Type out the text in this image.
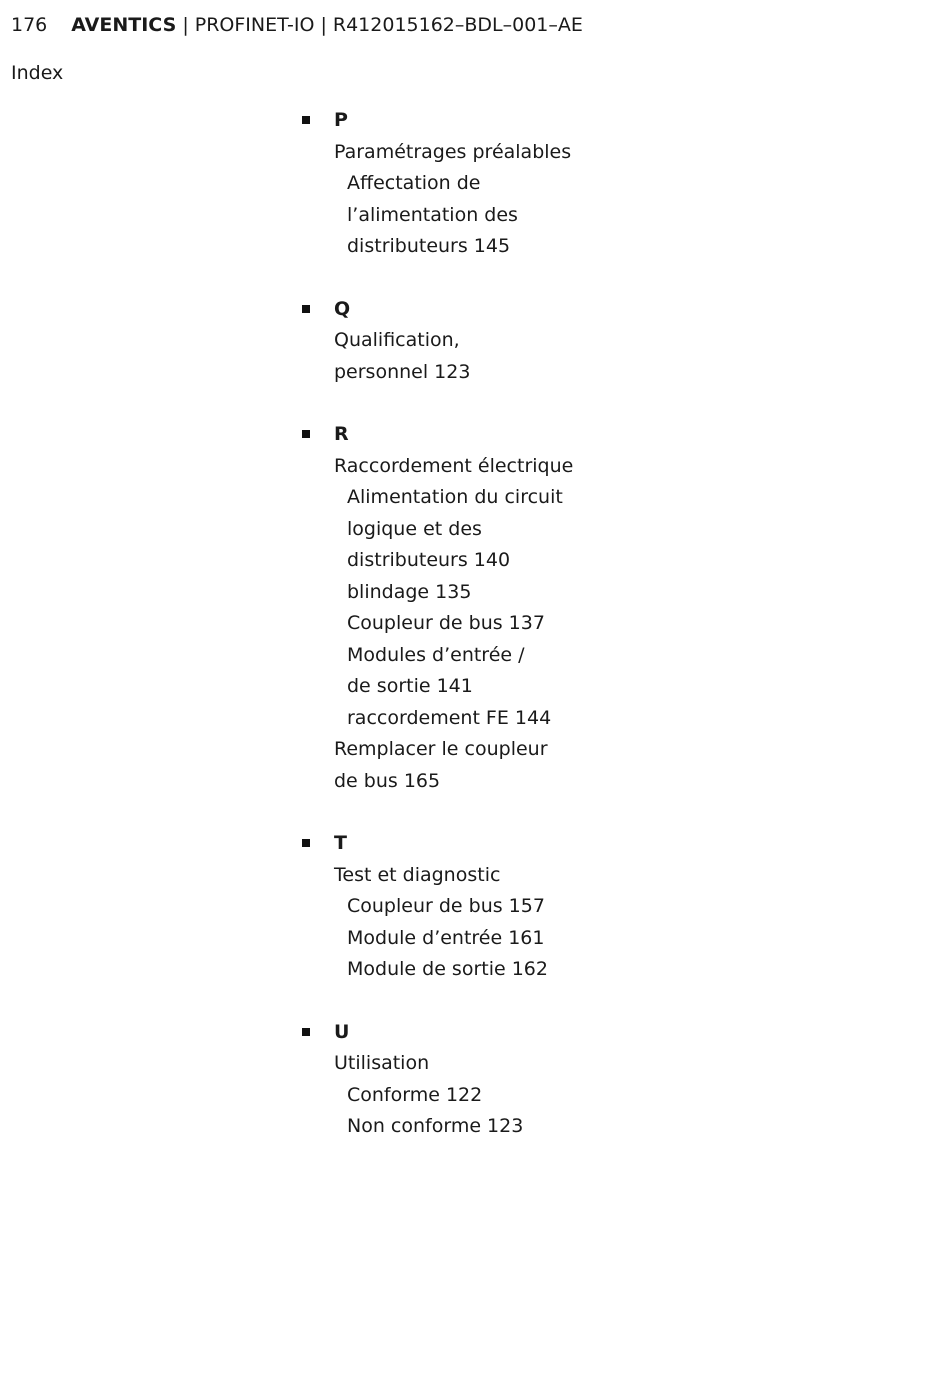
176 AVENTICS | PROFINET-IO | R412015162–BDL–001–AE
Index
P
Paramétrages préalables
Affectation de
l’alimentation des
distributeurs 145
Q
Qualification,
personnel 123
R
Raccordement électrique
Alimentation du circuit
logique et des
distributeurs 140
blindage 135
Coupleur de bus 137
Modules d’entrée /
de sortie 141
raccordement FE 144
Remplacer le coupleur
de bus 165
T
Test et diagnostic
Coupleur de bus 157
Module d’entrée 161
Module de sortie 162
U
Utilisation
Conforme 122
Non conforme 123
